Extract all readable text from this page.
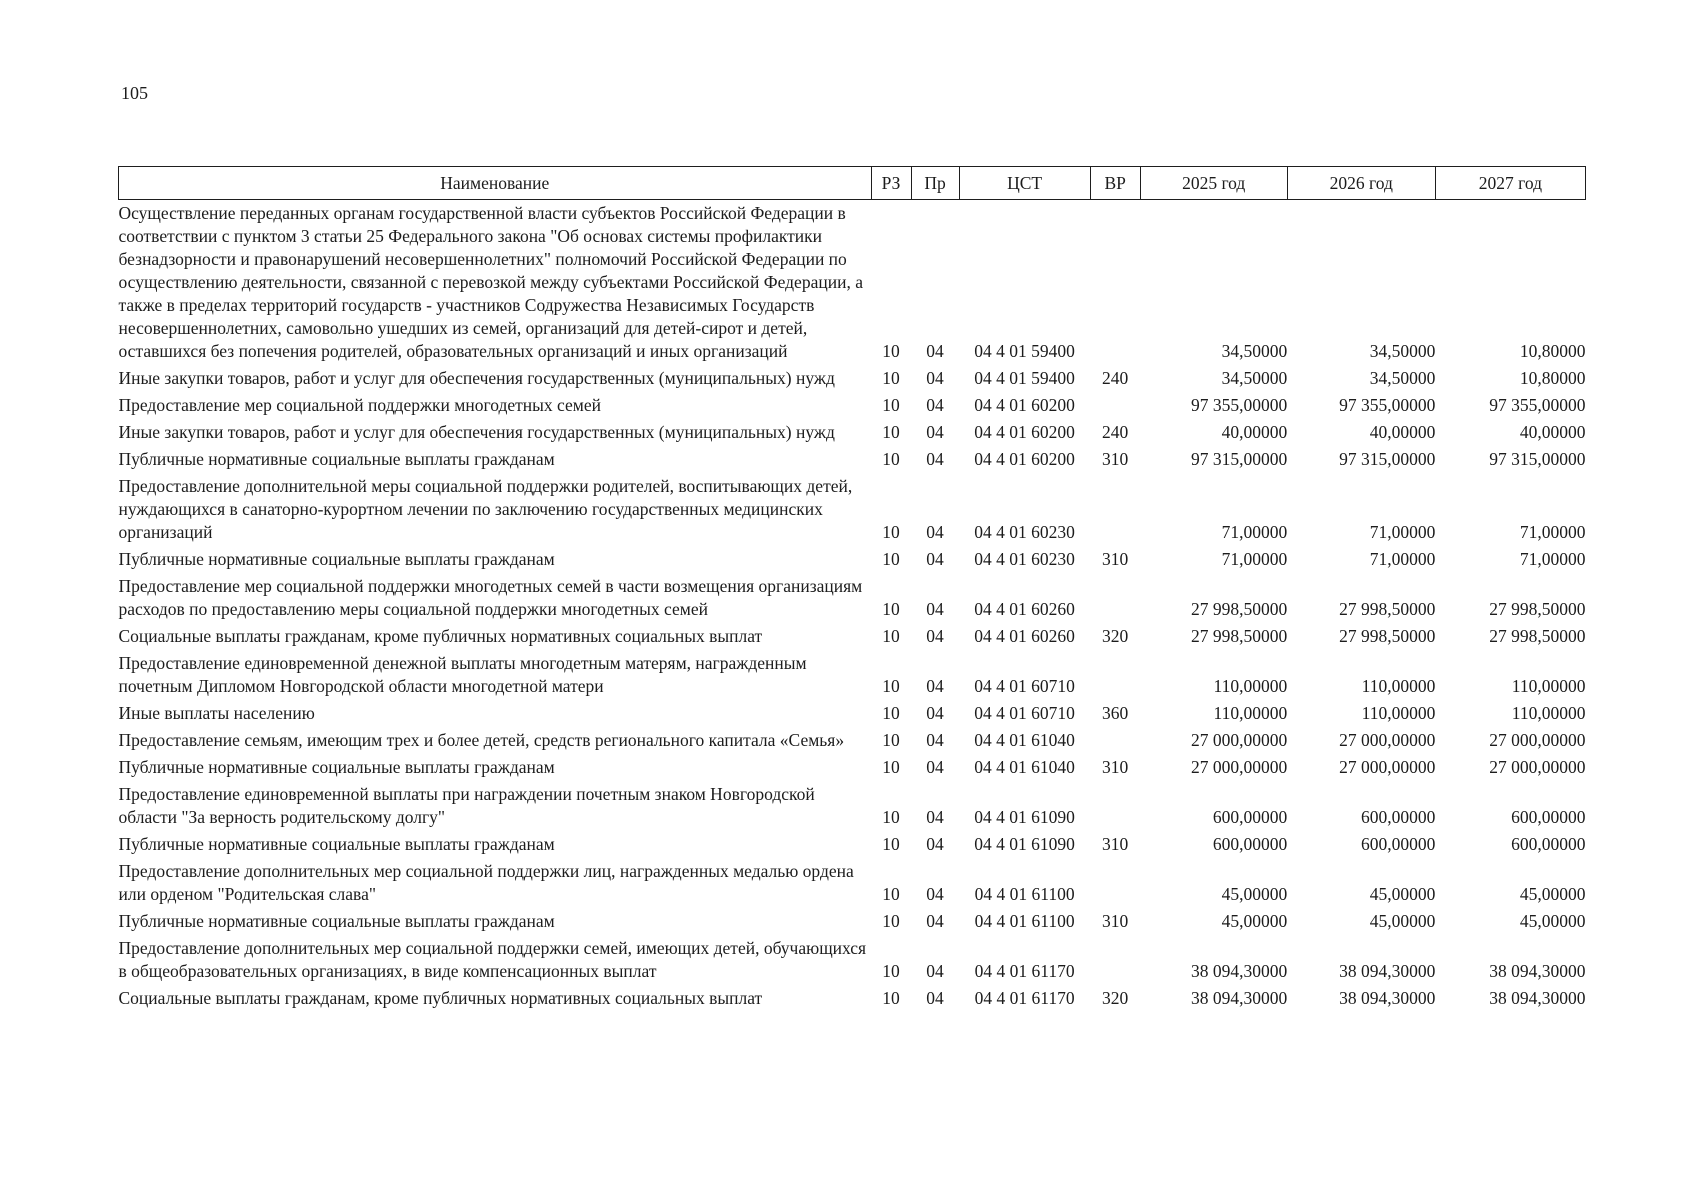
105
Наименование	РЗ	Пр	ЦСТ	ВР	2025 год	2026 год	2027 год
Осуществление переданных органам государственной власти субъектов Российской Федерации в соответствии с пунктом 3 статьи 25 Федерального закона "Об основах системы профилактики безнадзорности и правонарушений несовершеннолетних" полномочий Российской Федерации по осуществлению деятельности, связанной с перевозкой между субъектами Российской Федерации, а также в пределах территорий государств - участников Содружества Независимых Государств несовершеннолетних, самовольно ушедших из семей, организаций для детей-сирот и детей, оставшихся без попечения родителей, образовательных организаций и иных организаций	10	04	04 4 01 59400		34,50000	34,50000	10,80000
Иные закупки товаров, работ и услуг для обеспечения государственных (муниципальных) нужд	10	04	04 4 01 59400	240	34,50000	34,50000	10,80000
Предоставление мер социальной поддержки многодетных семей	10	04	04 4 01 60200		97 355,00000	97 355,00000	97 355,00000
Иные закупки товаров, работ и услуг для обеспечения государственных (муниципальных) нужд	10	04	04 4 01 60200	240	40,00000	40,00000	40,00000
Публичные нормативные социальные выплаты гражданам	10	04	04 4 01 60200	310	97 315,00000	97 315,00000	97 315,00000
Предоставление дополнительной меры социальной поддержки родителей, воспитывающих детей, нуждающихся в санаторно-курортном лечении по заключению государственных медицинских организаций	10	04	04 4 01 60230		71,00000	71,00000	71,00000
Публичные нормативные социальные выплаты гражданам	10	04	04 4 01 60230	310	71,00000	71,00000	71,00000
Предоставление мер социальной поддержки многодетных семей в части возмещения организациям расходов по предоставлению меры социальной поддержки многодетных семей	10	04	04 4 01 60260		27 998,50000	27 998,50000	27 998,50000
Социальные выплаты гражданам, кроме публичных нормативных социальных выплат	10	04	04 4 01 60260	320	27 998,50000	27 998,50000	27 998,50000
Предоставление единовременной денежной выплаты многодетным матерям, награжденным почетным Дипломом Новгородской области многодетной матери	10	04	04 4 01 60710		110,00000	110,00000	110,00000
Иные выплаты населению	10	04	04 4 01 60710	360	110,00000	110,00000	110,00000
Предоставление семьям, имеющим трех и более детей, средств регионального капитала «Семья»	10	04	04 4 01 61040		27 000,00000	27 000,00000	27 000,00000
Публичные нормативные социальные выплаты гражданам	10	04	04 4 01 61040	310	27 000,00000	27 000,00000	27 000,00000
Предоставление единовременной выплаты при награждении почетным знаком Новгородской области "За верность родительскому долгу"	10	04	04 4 01 61090		600,00000	600,00000	600,00000
Публичные нормативные социальные выплаты гражданам	10	04	04 4 01 61090	310	600,00000	600,00000	600,00000
Предоставление дополнительных мер социальной поддержки лиц, награжденных медалью ордена или орденом "Родительская слава"	10	04	04 4 01 61100		45,00000	45,00000	45,00000
Публичные нормативные социальные выплаты гражданам	10	04	04 4 01 61100	310	45,00000	45,00000	45,00000
Предоставление дополнительных мер социальной поддержки семей, имеющих детей, обучающихся в общеобразовательных организациях, в виде компенсационных выплат	10	04	04 4 01 61170		38 094,30000	38 094,30000	38 094,30000
Социальные выплаты гражданам, кроме публичных нормативных социальных выплат	10	04	04 4 01 61170	320	38 094,30000	38 094,30000	38 094,30000
